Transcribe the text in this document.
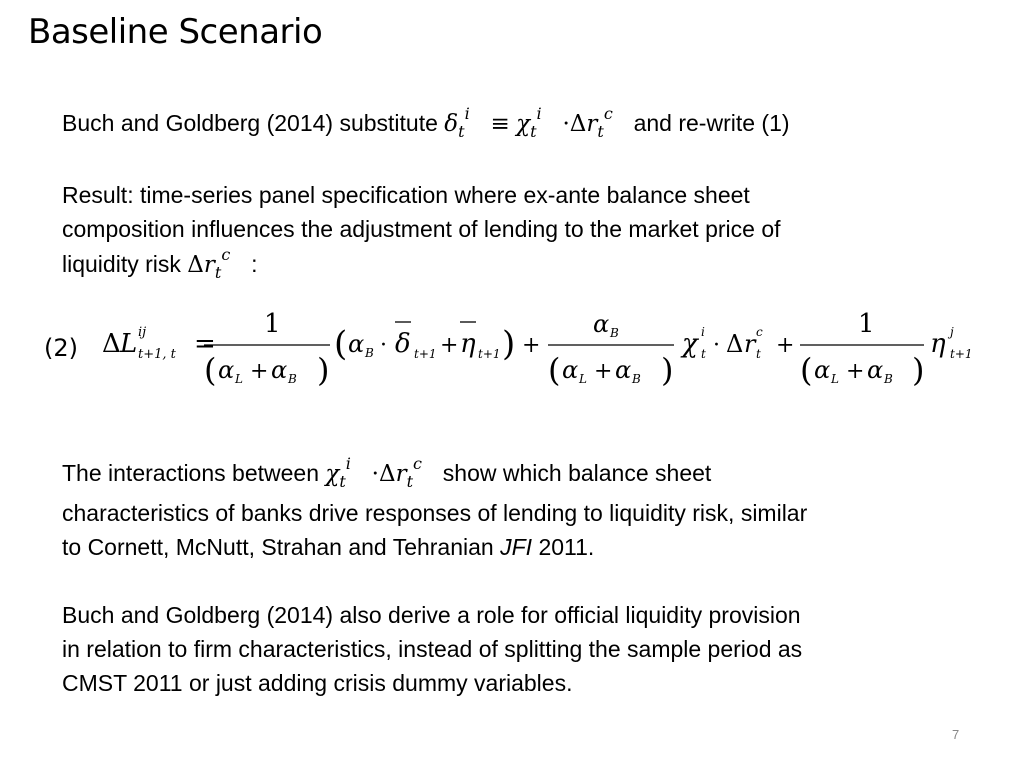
Baseline Scenario
Buch and Goldberg (2014) substitute $\delta_t^i \equiv \chi_t^i \cdot\Delta r_t^c$ and re-write (1)
Result: time-series panel specification where ex-ante balance sheet
composition influences the adjustment of lending to the market price of
liquidity risk $\Delta r_t^c$ :
(2) Δ L ij
t+1, t =
1
( α L + α B )
( α B · δ t+1 + η t+1 ) +
α B
( α L + α B )
χ i
t · Δ r c
t +
1
( α L + α B )
η j
t+1
The interactions between $\chi_t^i \cdot\Delta r_t^c$ show which balance sheet
characteristics of banks drive responses of lending to liquidity risk, similar
to Cornett, McNutt, Strahan and Tehranian JFI 2011.
Buch and Goldberg (2014) also derive a role for official liquidity provision
in relation to firm characteristics, instead of splitting the sample period as
CMST 2011 or just adding crisis dummy variables.
7
